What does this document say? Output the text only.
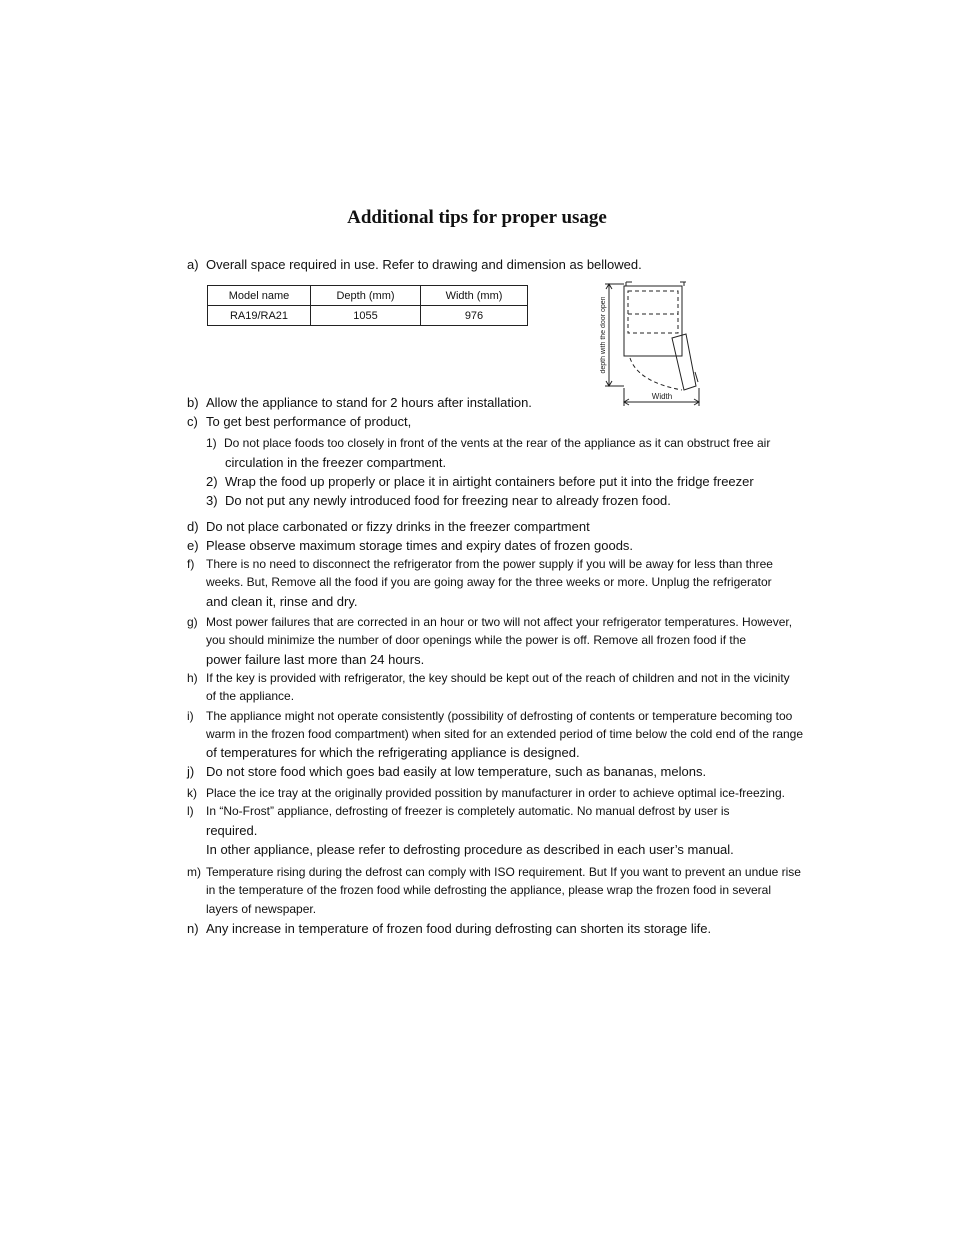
Additional tips for proper usage
a) Overall space required in use. Refer to drawing and dimension as bellowed.
Model name	Depth (mm)	Width (mm)
RA19/RA21	1055	976	depth with the door open
Width
b) Allow the appliance to stand for 2 hours after installation.
c) To get best performance of product,
1) Do not place foods too closely in front of the vents at the rear of the appliance as it can obstruct free air
circulation in the freezer compartment.
2) Wrap the food up properly or place it in airtight containers before put it into the fridge freezer
3) Do not put any newly introduced food for freezing near to already frozen food.
d) Do not place carbonated or fizzy drinks in the freezer compartment
e) Please observe maximum storage times and expiry dates of frozen goods.
f) There is no need to disconnect the refrigerator from the power supply if you will be away for less than three
weeks. But, Remove all the food if you are going away for the three weeks or more. Unplug the refrigerator
and clean it, rinse and dry.
g) Most power failures that are corrected in an hour or two will not affect your refrigerator temperatures. However,
you should minimize the number of door openings while the power is off. Remove all frozen food if the
power failure last more than 24 hours.
h) If the key is provided with refrigerator, the key should be kept out of the reach of children and not in the vicinity
of the appliance.
i) The appliance might not operate consistently (possibility of defrosting of contents or temperature becoming too
warm in the frozen food compartment) when sited for an extended period of time below the cold end of the range
of temperatures for which the refrigerating appliance is designed.
j) Do not store food which goes bad easily at low temperature, such as bananas, melons.
k) Place the ice tray at the originally provided possition by manufacturer in order to achieve optimal ice-freezing.
l) In “No-Frost” appliance, defrosting of freezer is completely automatic. No manual defrost by user is
required.
In other appliance, please refer to defrosting procedure as described in each user’s manual.
m) Temperature rising during the defrost can comply with ISO requirement. But If you want to prevent an undue rise
in the temperature of the frozen food while defrosting the appliance, please wrap the frozen food in several
layers of newspaper.
n) Any increase in temperature of frozen food during defrosting can shorten its storage life.
